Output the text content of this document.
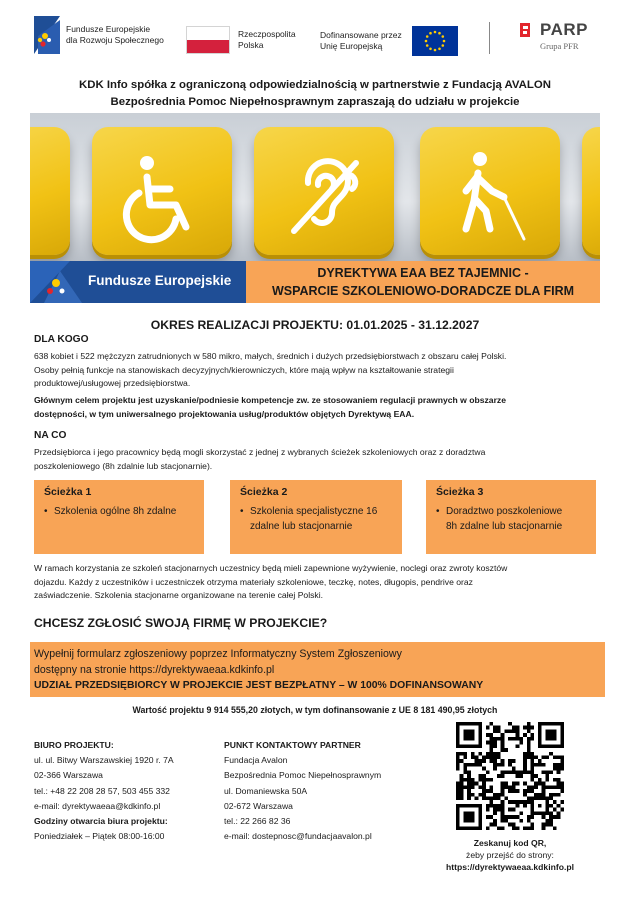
Fundusze Europejskie
dla Rozwoju Społecznego
Rzeczpospolita
Polska
Dofinansowane przez
Unię Europejską
PARP
Grupa PFR
KDK Info spółka z ograniczoną odpowiedzialnością w partnerstwie z Fundacją AVALON
Bezpośrednia Pomoc Niepełnosprawnym zapraszają do udziału w projekcie
Fundusze Europejskie	DYREKTYWA EAA BEZ TAJEMNIC -
WSPARCIE SZKOLENIOWO-DORADCZE DLA FIRM
OKRES REALIZACJI PROJEKTU: 01.01.2025 - 31.12.2027
DLA KOGO
638 kobiet i 522 mężczyzn zatrudnionych w 580 mikro, małych, średnich i dużych przedsiębiorstwach z obszaru całej Polski.
Osoby pełnią funkcje na stanowiskach decyzyjnych/kierowniczych, które mają wpływ na kształtowanie strategii
produktowej/usługowej przedsiębiorstwa.
Głównym celem projektu jest uzyskanie/podniesie kompetencje zw. ze stosowaniem regulacji prawnych w obszarze
dostępności, w tym uniwersalnego projektowania usług/produktów objętych Dyrektywą EAA.
NA CO
Przedsiębiorca i jego pracownicy będą mogli skorzystać z jednej z wybranych ścieżek szkoleniowych oraz z doradztwa
poszkoleniowego (8h zdalnie lub stacjonarnie).
Ścieżka 1
• Szkolenia ogólne 8h zdalne
Ścieżka 2
• Szkolenia specjalistyczne 16
zdalne lub stacjonarnie
Ścieżka 3
• Doradztwo poszkoleniowe
8h zdalne lub stacjonarnie
W ramach korzystania ze szkoleń stacjonarnych uczestnicy będą mieli zapewnione wyżywienie, noclegi oraz zwroty kosztów
dojazdu. Każdy z uczestników i uczestniczek otrzyma materiały szkoleniowe, teczkę, notes, długopis, pendrive oraz
zaświadczenie. Szkolenia stacjonarne organizowane na terenie całej Polski.
CHCESZ ZGŁOSIĆ SWOJĄ FIRMĘ W PROJEKCIE?
Wypełnij formularz zgłoszeniowy poprzez Informatyczny System Zgłoszeniowy
dostępny na stronie https://dyrektywaeaa.kdkinfo.pl
UDZIAŁ PRZEDSIĘBIORCY W PROJEKCIE JEST BEZPŁATNY – W 100% DOFINANSOWANY
Wartość projektu 9 914 555,20 złotych, w tym dofinansowanie z UE 8 181 490,95 złotych
BIURO PROJEKTU:
ul. ul. Bitwy Warszawskiej 1920 r. 7A
02-366 Warszawa
tel.: +48 22 208 28 57, 503 455 332
e-mail: dyrektywaeaa@kdkinfo.pl
Godziny otwarcia biura projektu:
Poniedziałek – Piątek 08:00-16:00
PUNKT KONTAKTOWY PARTNER
Fundacja Avalon
Bezpośrednia Pomoc Niepełnosprawnym
ul. Domaniewska 50A
02-672 Warszawa
tel.: 22 266 82 36
e-mail: dostepnosc@fundacjaavalon.pl
Zeskanuj kod QR,
żeby przejść do strony:
https://dyrektywaeaa.kdkinfo.pl
